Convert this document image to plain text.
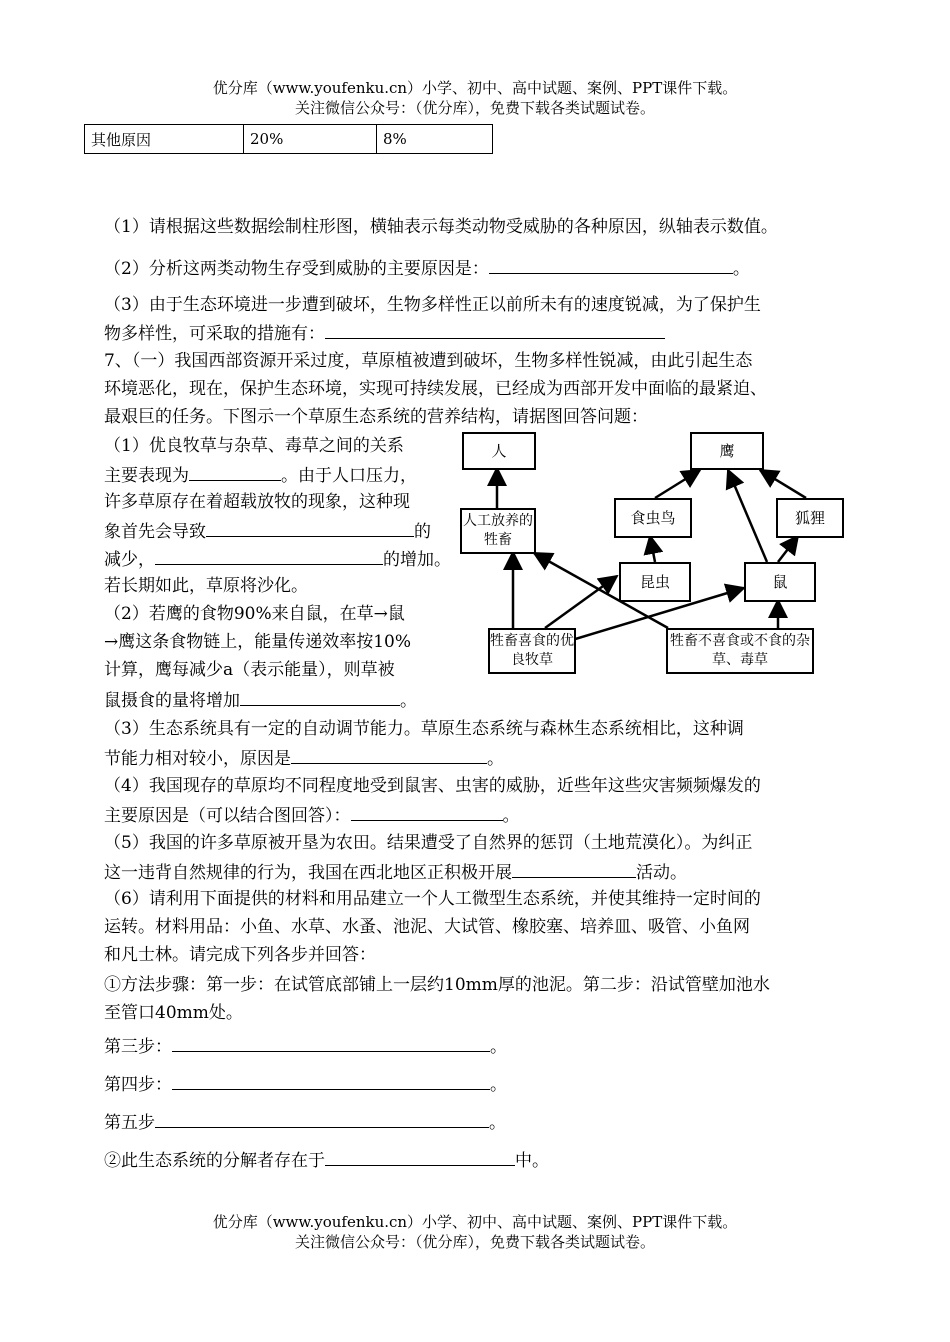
优分库（www.youfenku.cn）小学、初中、高中试题、案例、PPT课件下载。
关注微信公众号：（优分库），免费下载各类试题试卷。
其他原因	20%	8%
（1）请根据这些数据绘制柱形图，横轴表示每类动物受威胁的各种原因，纵轴表示数值。
（2）分析这两类动物生存受到威胁的主要原因是：	。
（3）由于生态环境进一步遭到破坏，生物多样性正以前所未有的速度锐减，为了保护生
物多样性，可采取的措施有：
7、（一）我国西部资源开采过度，草原植被遭到破坏，生物多样性锐减，由此引起生态
环境恶化，现在，保护生态环境，实现可持续发展，已经成为西部开发中面临的最紧迫、
最艰巨的任务。下图示一个草原生态系统的营养结构，请据图回答问题：
（1）优良牧草与杂草、毒草之间的关系
主要表现为	。由于人口压力，
许多草原存在着超载放牧的现象，这种现
象首先会导致	的
减少，	的增加。
若长期如此，草原将沙化。
（2）若鹰的食物90%来自鼠，在草→鼠
→鹰这条食物链上，能量传递效率按10%
计算，鹰每减少a（表示能量），则草被
鼠摄食的量将增加	。
（3）生态系统具有一定的自动调节能力。草原生态系统与森林生态系统相比，这种调
节能力相对较小，原因是	。
（4）我国现存的草原均不同程度地受到鼠害、虫害的威胁，近些年这些灾害频频爆发的
主要原因是（可以结合图回答）：	。
（5）我国的许多草原被开垦为农田。结果遭受了自然界的惩罚（土地荒漠化）。为纠正
这一违背自然规律的行为，我国在西北地区正积极开展	活动。
（6）请利用下面提供的材料和用品建立一个人工微型生态系统，并使其维持一定时间的
运转。材料用品：小鱼、水草、水蚤、池泥、大试管、橡胶塞、培养皿、吸管、小鱼网
和凡士林。请完成下列各步并回答：
①方法步骤：第一步：在试管底部铺上一层约10mm厚的池泥。第二步：沿试管壁加池水
至管口40mm处。
第三步：	。
第四步：	。
第五步	。
②此生态系统的分解者存在于	中。
优分库（www.youfenku.cn）小学、初中、高中试题、案例、PPT课件下载。
关注微信公众号：（优分库），免费下载各类试题试卷。
人	鹰
人工放养的牲畜
食虫鸟	狐狸
昆虫	鼠
牲畜喜食的优良牧草
牲畜不喜食或不食的杂草、毒草
